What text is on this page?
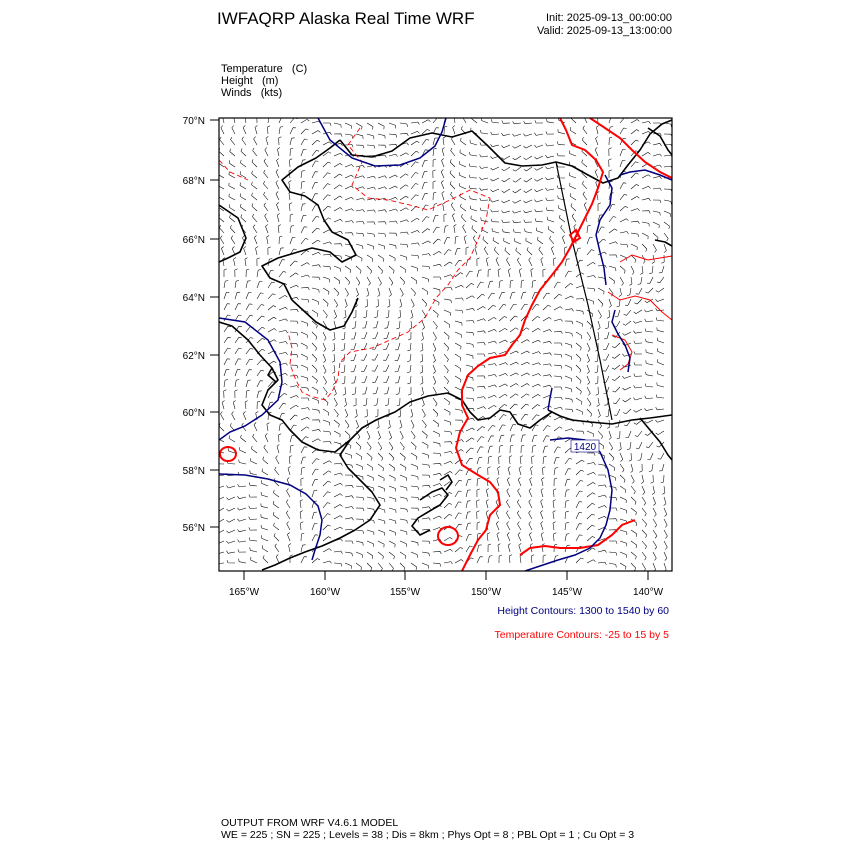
IWFAQRP Alaska Real Time WRF	Init: 2025-09-13_00:00:00
Valid: 2025-09-13_13:00:00
Temperature   (C)
Height   (m)
Winds   (kts)
1420
70°N
68°N
66°N
64°N
62°N
60°N
58°N
56°N
165°W	160°W	155°W	150°W	145°W	140°W
Height Contours: 1300 to 1540 by 60
Temperature Contours: -25 to 15 by 5
OUTPUT FROM WRF V4.6.1 MODEL
WE = 225 ; SN = 225 ; Levels = 38 ; Dis = 8km ; Phys Opt = 8 ; PBL Opt = 1 ; Cu Opt = 3
